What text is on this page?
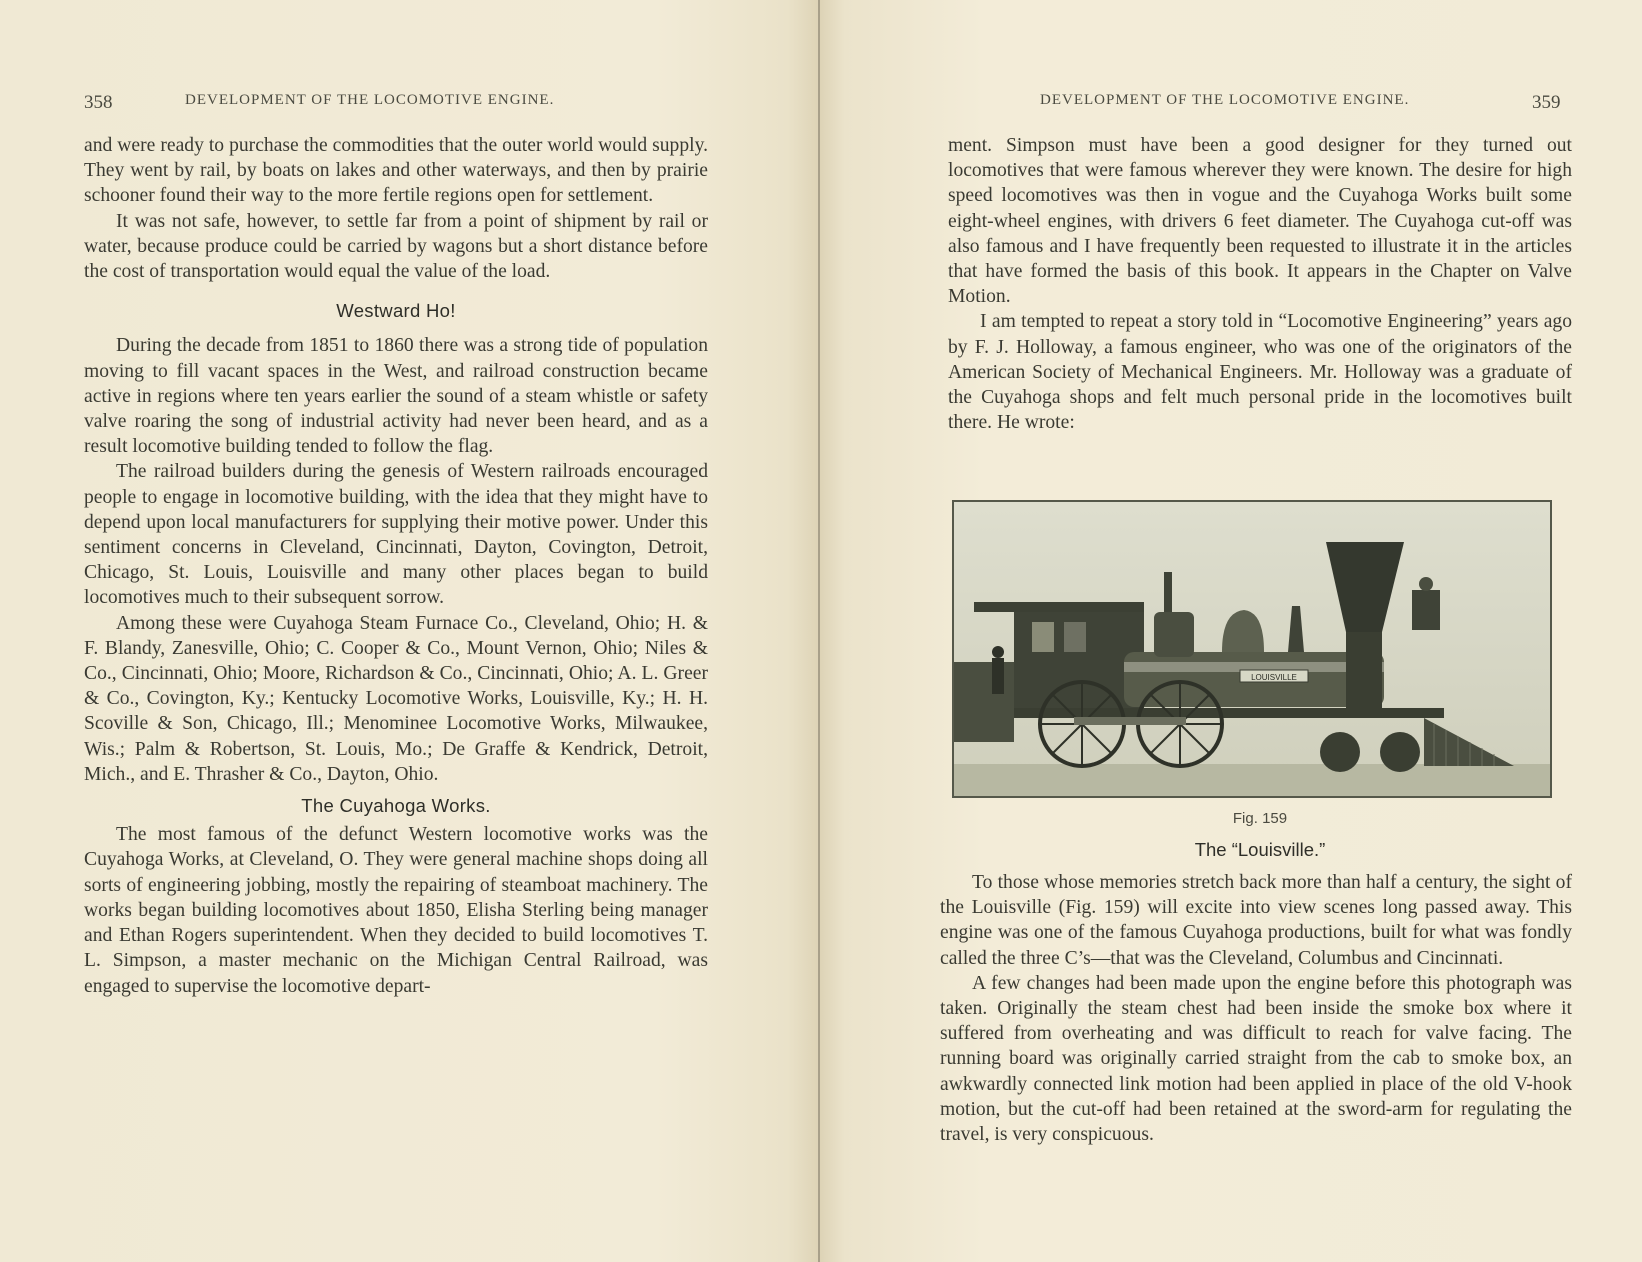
358	DEVELOPMENT OF THE LOCOMOTIVE ENGINE.

and were ready to purchase the commodities that the outer world would supply. They went by rail, by boats on lakes and other waterways, and then by prairie schooner found their way to the more fertile regions open for settlement.

It was not safe, however, to settle far from a point of shipment by rail or water, because produce could be carried by wagons but a short distance before the cost of transportation would equal the value of the load.

Westward Ho!

During the decade from 1851 to 1860 there was a strong tide of population moving to fill vacant spaces in the West, and railroad construction became active in regions where ten years earlier the sound of a steam whistle or safety valve roaring the song of industrial activity had never been heard, and as a result locomotive building tended to follow the flag.

The railroad builders during the genesis of Western railroads encouraged people to engage in locomotive building, with the idea that they might have to depend upon local manufacturers for supplying their motive power. Under this sentiment concerns in Cleveland, Cincinnati, Dayton, Covington, Detroit, Chicago, St. Louis, Louisville and many other places began to build locomotives much to their subsequent sorrow.

Among these were Cuyahoga Steam Furnace Co., Cleveland, Ohio; H. & F. Blandy, Zanesville, Ohio; C. Cooper & Co., Mount Vernon, Ohio; Niles & Co., Cincinnati, Ohio; Moore, Richardson & Co., Cincinnati, Ohio; A. L. Greer & Co., Covington, Ky.; Kentucky Locomotive Works, Louisville, Ky.; H. H. Scoville & Son, Chicago, Ill.; Menominee Locomotive Works, Milwaukee, Wis.; Palm & Robertson, St. Louis, Mo.; De Graffe & Kendrick, Detroit, Mich., and E. Thrasher & Co., Dayton, Ohio.

The Cuyahoga Works.

The most famous of the defunct Western locomotive works was the Cuyahoga Works, at Cleveland, O. They were general machine shops doing all sorts of engineering jobbing, mostly the repairing of steamboat machinery. The works began building locomotives about 1850, Elisha Sterling being manager and Ethan Rogers superintendent. When they decided to build locomotives T. L. Simpson, a master mechanic on the Michigan Central Railroad, was engaged to supervise the locomotive depart-

DEVELOPMENT OF THE LOCOMOTIVE ENGINE.	359

ment. Simpson must have been a good designer for they turned out locomotives that were famous wherever they were known. The desire for high speed locomotives was then in vogue and the Cuyahoga Works built some eight-wheel engines, with drivers 6 feet diameter. The Cuyahoga cut-off was also famous and I have frequently been requested to illustrate it in the articles that have formed the basis of this book. It appears in the Chapter on Valve Motion.

I am tempted to repeat a story told in “Locomotive Engineering” years ago by F. J. Holloway, a famous engineer, who was one of the originators of the American Society of Mechanical Engineers. Mr. Holloway was a graduate of the Cuyahoga shops and felt much personal pride in the locomotives built there. He wrote:

LOUISVILLE
Fig. 159
The “Louisville.”

To those whose memories stretch back more than half a century, the sight of the Louisville (Fig. 159) will excite into view scenes long passed away. This engine was one of the famous Cuyahoga productions, built for what was fondly called the three C’s—that was the Cleveland, Columbus and Cincinnati.

A few changes had been made upon the engine before this photograph was taken. Originally the steam chest had been inside the smoke box where it suffered from overheating and was difficult to reach for valve facing. The running board was originally carried straight from the cab to smoke box, an awkwardly connected link motion had been applied in place of the old V-hook motion, but the cut-off had been retained at the sword-arm for regulating the travel, is very conspicuous.
